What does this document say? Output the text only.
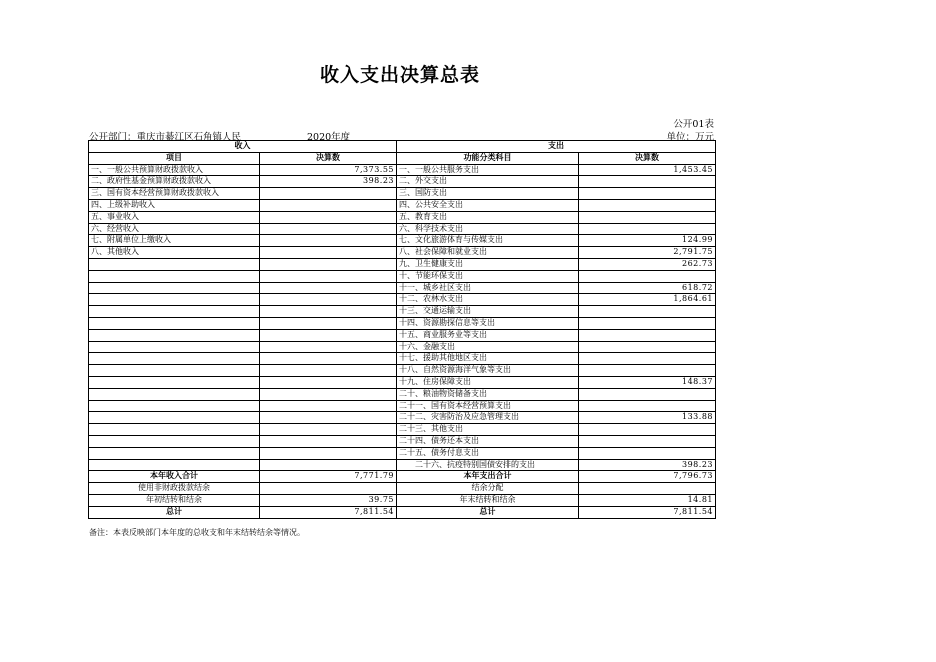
收入支出决算总表
公开01表
公开部门：重庆市綦江区石角镇人民	2020年度	单位：万元
收入		支出	
项目	决算数	功能分类科目	决算数
一、一般公共预算财政拨款收入	7,373.55	一、一般公共服务支出	1,453.45
二、政府性基金预算财政拨款收入	398.23	二、外交支出	
三、国有资本经营预算财政拨款收入		三、国防支出	
四、上级补助收入		四、公共安全支出	
五、事业收入		五、教育支出	
六、经营收入		六、科学技术支出	
七、附属单位上缴收入		七、文化旅游体育与传媒支出	124.99
八、其他收入		八、社会保障和就业支出	2,791.75
		九、卫生健康支出	262.73
		十、节能环保支出	
		十一、城乡社区支出	618.72
		十二、农林水支出	1,864.61
		十三、交通运输支出	
		十四、资源勘探信息等支出	
		十五、商业服务业等支出	
		十六、金融支出	
		十七、援助其他地区支出	
		十八、自然资源海洋气象等支出	
		十九、住房保障支出	148.37
		二十、粮油物资储备支出	
		二十一、国有资本经营预算支出	
		二十二、灾害防治及应急管理支出	133.88
		二十三、其他支出	
		二十四、债务还本支出	
		二十五、债务付息支出	
		二十六、抗疫特别国债安排的支出	398.23
本年收入合计	7,771.79	本年支出合计	7,796.73
使用非财政拨款结余		结余分配	
年初结转和结余	39.75	年末结转和结余	14.81
总计	7,811.54	总计	7,811.54
备注：本表反映部门本年度的总收支和年末结转结余等情况。
